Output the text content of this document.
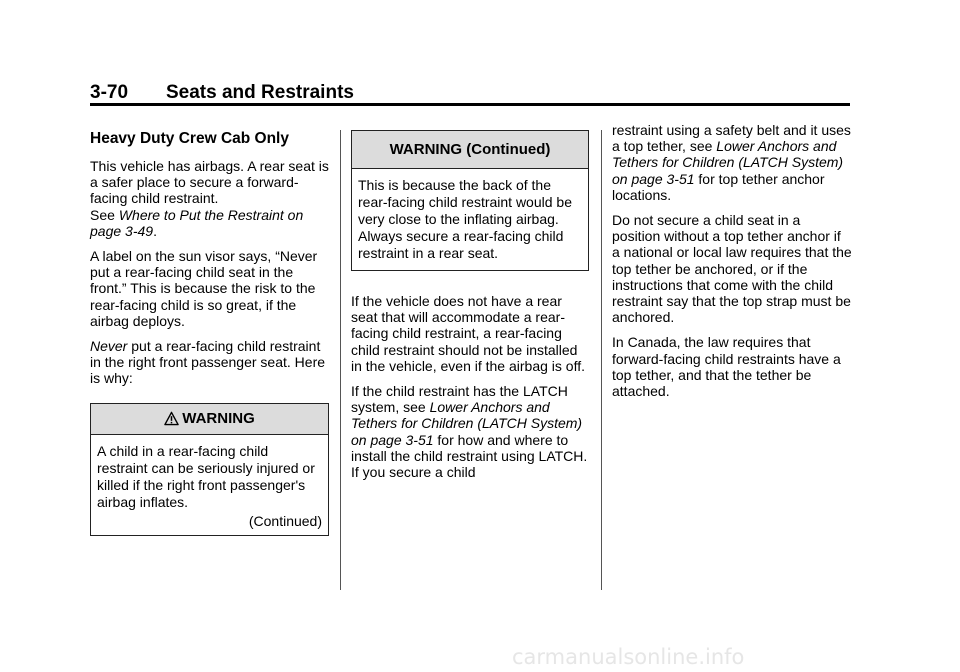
3-70 Seats and Restraints
Heavy Duty Crew Cab Only

This vehicle has airbags. A rear seat is a safer place to secure a forward-facing child restraint.
See Where to Put the Restraint on page 3-49.

A label on the sun visor says, “Never put a rear-facing child seat in the front.” This is because the risk to the rear-facing child is so great, if the airbag deploys.

Never put a rear-facing child restraint in the right front passenger seat. Here is why:

WARNING
A child in a rear-facing child restraint can be seriously injured or killed if the right front passenger's airbag inflates.
(Continued)
WARNING (Continued)
This is because the back of the rear-facing child restraint would be very close to the inflating airbag. Always secure a rear-facing child restraint in a rear seat.

If the vehicle does not have a rear seat that will accommodate a rear-facing child restraint, a rear-facing child restraint should not be installed in the vehicle, even if the airbag is off.

If the child restraint has the LATCH system, see Lower Anchors and Tethers for Children (LATCH System) on page 3-51 for how and where to install the child restraint using LATCH. If you secure a child

restraint using a safety belt and it uses a top tether, see Lower Anchors and Tethers for Children (LATCH System) on page 3-51 for top tether anchor locations.

Do not secure a child seat in a position without a top tether anchor if a national or local law requires that the top tether be anchored, or if the instructions that come with the child restraint say that the top strap must be anchored.

In Canada, the law requires that forward-facing child restraints have a top tether, and that the tether be attached.

carmanualsonline.info
